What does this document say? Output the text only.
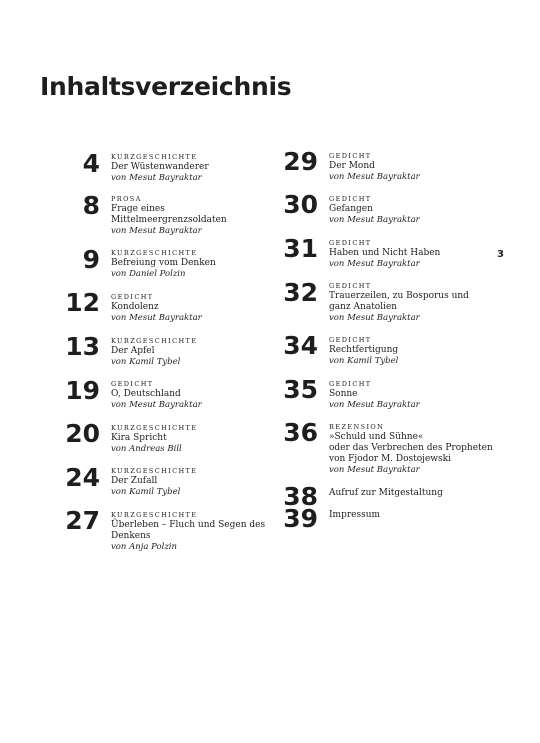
Inhaltsverzeichnis
3
4 KURZGESCHICHTE
Der Wüstenwanderer
von Mesut Bayraktar
8 PROSA
Frage eines
Mittelmeergrenzsoldaten
von Mesut Bayraktar
9 KURZGESCHICHTE
Befreiung vom Denken
von Daniel Polzin
12 GEDICHT
Kondolenz
von Mesut Bayraktar
13 KURZGESCHICHTE
Der Apfel
von Kamil Tybel
19 GEDICHT
O, Deutschland
von Mesut Bayraktar
20 KURZGESCHICHTE
Kira Spricht
von Andreas Bill
24 KURZGESCHICHTE
Der Zufall
von Kamil Tybel
27 KURZGESCHICHTE
Überleben – Fluch und Segen des
Denkens
von Anja Polzin
29 GEDICHT
Der Mond
von Mesut Bayraktar
30 GEDICHT
Gefangen
von Mesut Bayraktar
31 GEDICHT
Haben und Nicht Haben
von Mesut Bayraktar
32 GEDICHT
Trauerzeilen, zu Bosporus und
ganz Anatolien
von Mesut Bayraktar
34 GEDICHT
Rechtfertigung
von Kamil Tybel
35 GEDICHT
Sonne
von Mesut Bayraktar
36 REZENSION
»Schuld und Sühne«
oder das Verbrechen des Propheten
von Fjodor M. Dostojewski
von Mesut Bayraktar
38 Aufruf zur Mitgestaltung
39 Impressum
